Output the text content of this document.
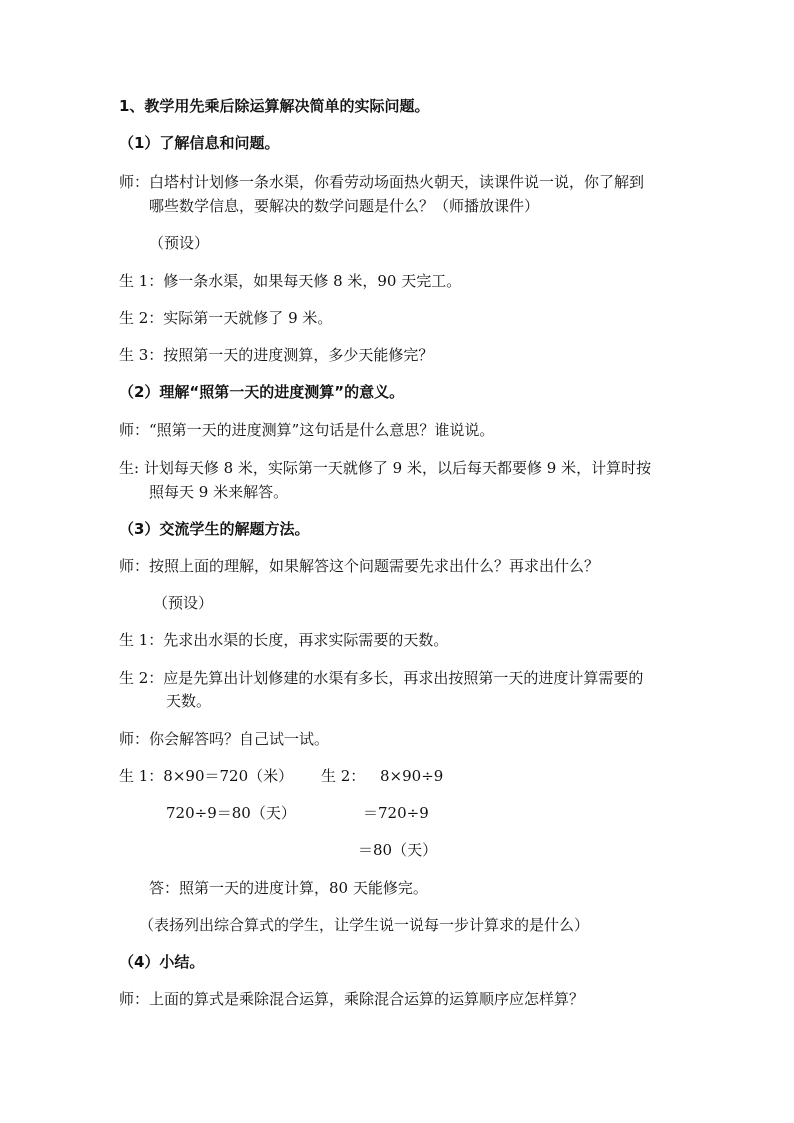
1、教学用先乘后除运算解决简单的实际问题。
（1）了解信息和问题。
师：白塔村计划修一条水渠，你看劳动场面热火朝天，读课件说一说，你了解到
哪些数学信息，要解决的数学问题是什么？（师播放课件）
（预设）
生 1：修一条水渠，如果每天修 8 米，90 天完工。
生 2：实际第一天就修了 9 米。
生 3：按照第一天的进度测算，多少天能修完？
（2）理解“照第一天的进度测算”的意义。
师：“照第一天的进度测算”这句话是什么意思？谁说说。
生: 计划每天修 8 米，实际第一天就修了 9 米，以后每天都要修 9 米，计算时按
照每天 9 米来解答。
（3）交流学生的解题方法。
师：按照上面的理解，如果解答这个问题需要先求出什么？再求出什么？
（预设）
生 1：先求出水渠的长度，再求实际需要的天数。
生 2：应是先算出计划修建的水渠有多长，再求出按照第一天的进度计算需要的
天数。
师：你会解答吗？自己试一试。
生 1：8×90＝720（米） 生 2： 8×90÷9
720÷9＝80（天）	＝720÷9
＝80（天）
答：照第一天的进度计算，80 天能修完。
（表扬列出综合算式的学生，让学生说一说每一步计算求的是什么）
（4）小结。
师：上面的算式是乘除混合运算，乘除混合运算的运算顺序应怎样算？
